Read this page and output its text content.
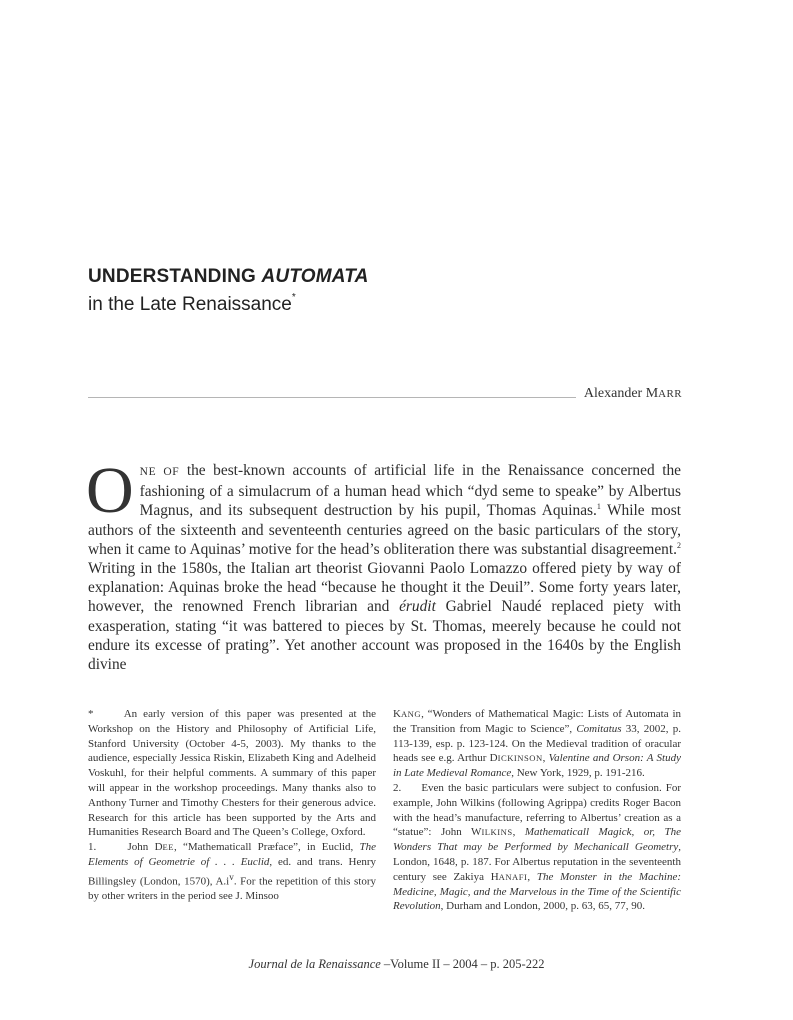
UNDERSTANDING AUTOMATA
in the Late Renaissance*
Alexander MARR

ONE OF the best-known accounts of artificial life in the Renaissance concerned the fashioning of a simulacrum of a human head which “dyd seme to speake” by Albertus Magnus, and its subsequent destruction by his pupil, Thomas Aquinas.$^1$ While most authors of the sixteenth and seventeenth centuries agreed on the basic particulars of the story, when it came to Aquinas’ motive for the head’s obliteration there was substantial disagreement.$^2$ Writing in the 1580s, the Italian art theorist Giovanni Paolo Lomazzo offered piety by way of explanation: Aquinas broke the head “because he thought it the Deuil”. Some forty years later, however, the renowned French librarian and érudit Gabriel Naudé replaced piety with exasperation, stating “it was battered to pieces by St. Thomas, meerely because he could not endure its excesse of prating”. Yet another account was proposed in the 1640s by the English divine

*	An early version of this paper was presented at the Workshop on the History and Philosophy of Artificial Life, Stanford University (October 4-5, 2003). My thanks to the audience, especially Jessica Riskin, Elizabeth King and Adelheid Voskuhl, for their helpful comments. A summary of this paper will appear in the workshop proceedings. Many thanks also to Anthony Turner and Timothy Chesters for their generous advice. Research for this article has been supported by the Arts and Humanities Research Board and The Queen’s College, Oxford.

1.	John DEE, “Mathematicall Præface”, in Euclid, The Elements of Geometrie of . . . Euclid, ed. and trans. Henry Billingsley (London, 1570), $A.i^v$. For the repetition of this story by other writers in the period see J. Minsoo

KANG, “Wonders of Mathematical Magic: Lists of Automata in the Transition from Magic to Science”, Comitatus 33, 2002, p. 113-139, esp. p. 123-124. On the Medieval tradition of oracular heads see e.g. Arthur DICKINSON, Valentine and Orson: A Study in Late Medieval Romance, New York, 1929, p. 191-216.

2. Even the basic particulars were subject to confusion. For example, John Wilkins (following Agrippa) credits Roger Bacon with the head’s manufacture, referring to Albertus’ creation as a “statue”: John WILKINS, Mathematicall Magick, or, The Wonders That may be Performed by Mechanicall Geometry, London, 1648, p. 187. For Albertus reputation in the seventeenth century see Zakiya HANAFI, The Monster in the Machine: Medicine, Magic, and the Marvelous in the Time of the Scientific Revolution, Durham and London, 2000, p. 63, 65, 77, 90.

Journal de la Renaissance –Volume II – 2004 – p. 205-222
